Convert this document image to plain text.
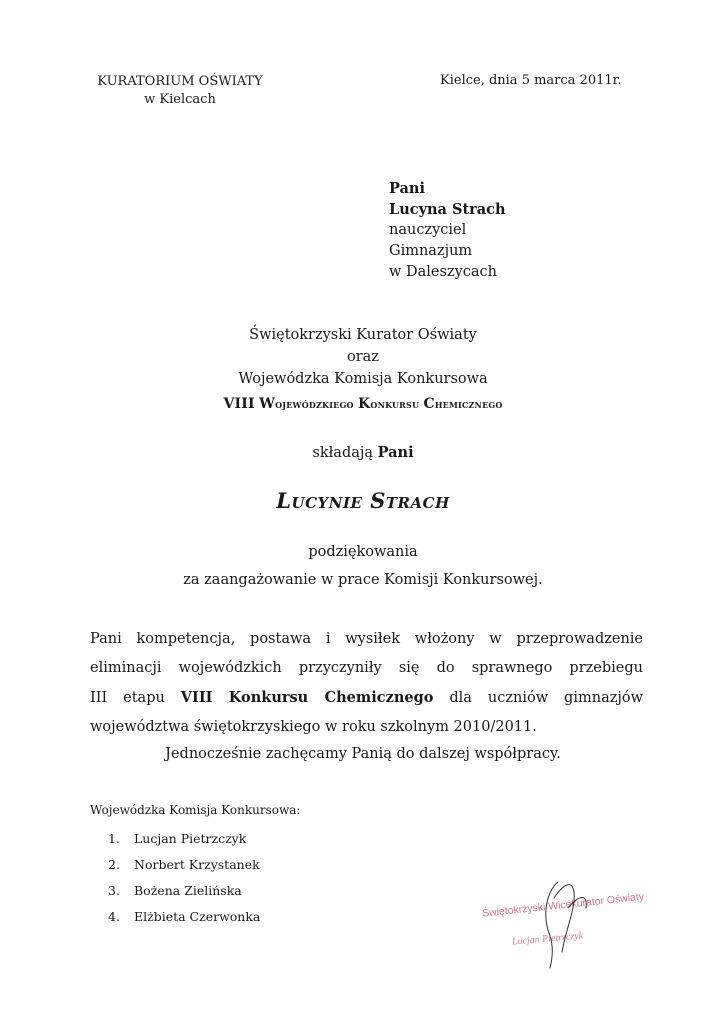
KURATORIUM OŚWIATY
w Kielcach
Kielce, dnia 5 marca 2011r.
Pani
Lucyna Strach
nauczyciel
Gimnazjum
w Daleszycach
Świętokrzyski Kurator Oświaty
oraz
Wojewódzka Komisja Konkursowa
VIII Wojewódzkiego Konkursu Chemicznego
składają Pani
Lucynie Strach
podziękowania
za zaangażowanie w prace Komisji Konkursowej.
Pani kompetencja, postawa i wysiłek włożony w przeprowadzenie
eliminacji wojewódzkich przyczyniły się do sprawnego przebiegu
III etapu VIII Konkursu Chemicznego dla uczniów gimnazjów
województwa świętokrzyskiego w roku szkolnym 2010/2011.
Jednocześnie zachęcamy Panią do dalszej współpracy.
Wojewódzka Komisja Konkursowa:
1. Lucjan Pietrzczyk
2. Norbert Krzystanek
3. Bożena Zielińska
4. Elżbieta Czerwonka	Świętokrzyski Wicekurator Oświaty
Lucjan Pietrzczyk
